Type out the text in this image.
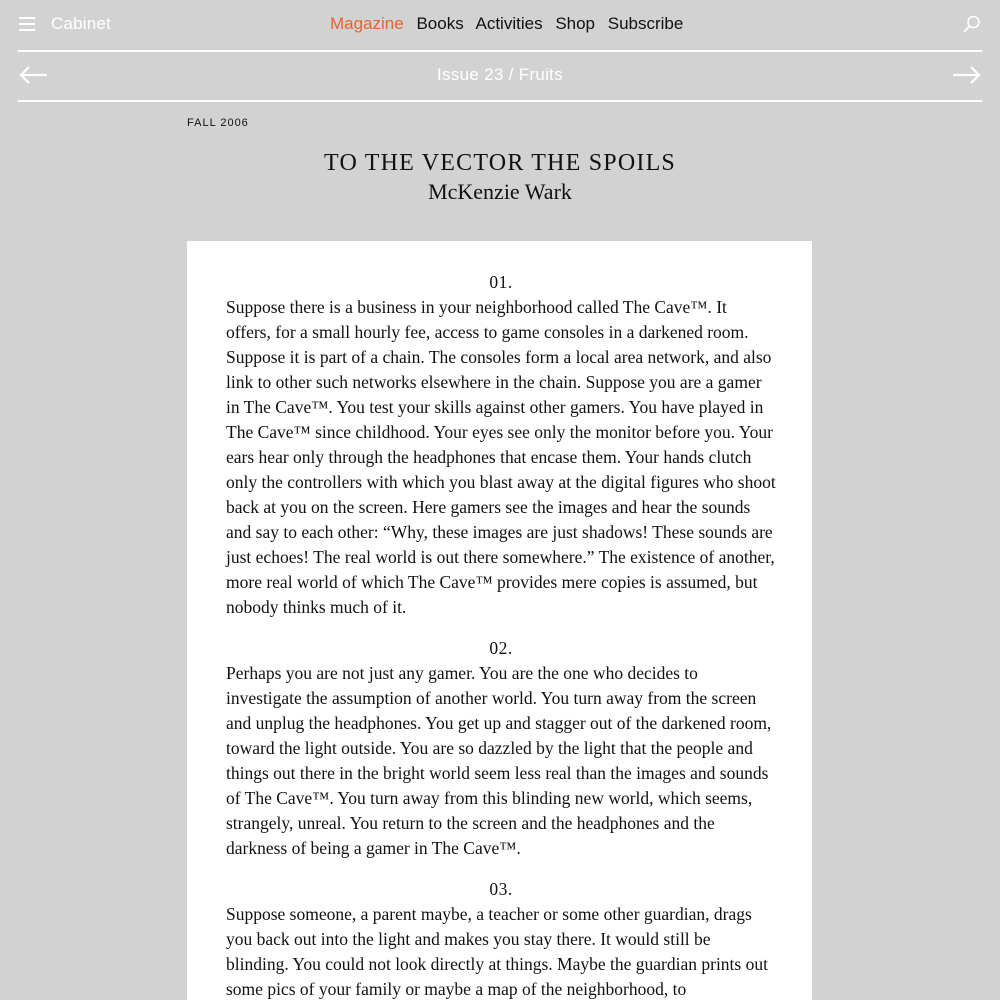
Cabinet	Magazine Books Activities Shop Subscribe
Issue 23 / Fruits
FALL 2006
TO THE VECTOR THE SPOILS
McKenzie Wark

01.

Suppose there is a business in your neighborhood called The Cave™. It offers, for a small hourly fee, access to game consoles in a darkened room. Suppose it is part of a chain. The consoles form a local area network, and also link to other such networks elsewhere in the chain. Suppose you are a gamer in The Cave™. You test your skills against other gamers. You have played in The Cave™ since childhood. Your eyes see only the monitor before you. Your ears hear only through the headphones that encase them. Your hands clutch only the controllers with which you blast away at the digital figures who shoot back at you on the screen. Here gamers see the images and hear the sounds and say to each other: “Why, these images are just shadows! These sounds are just echoes! The real world is out there somewhere.” The existence of another, more real world of which The Cave™ provides mere copies is assumed, but nobody thinks much of it.

02.

Perhaps you are not just any gamer. You are the one who decides to investigate the assumption of another world. You turn away from the screen and unplug the headphones. You get up and stagger out of the darkened room, toward the light outside. You are so dazzled by the light that the people and things out there in the bright world seem less real than the images and sounds of The Cave™. You turn away from this blinding new world, which seems, strangely, unreal. You return to the screen and the headphones and the darkness of being a gamer in The Cave™.

03.

Suppose someone, a parent maybe, a teacher or some other guardian, drags you back out into the light and makes you stay there. It would still be blinding. You could not look directly at things. Maybe the guardian prints out some pics of your family or maybe a map of the neighborhood, to
